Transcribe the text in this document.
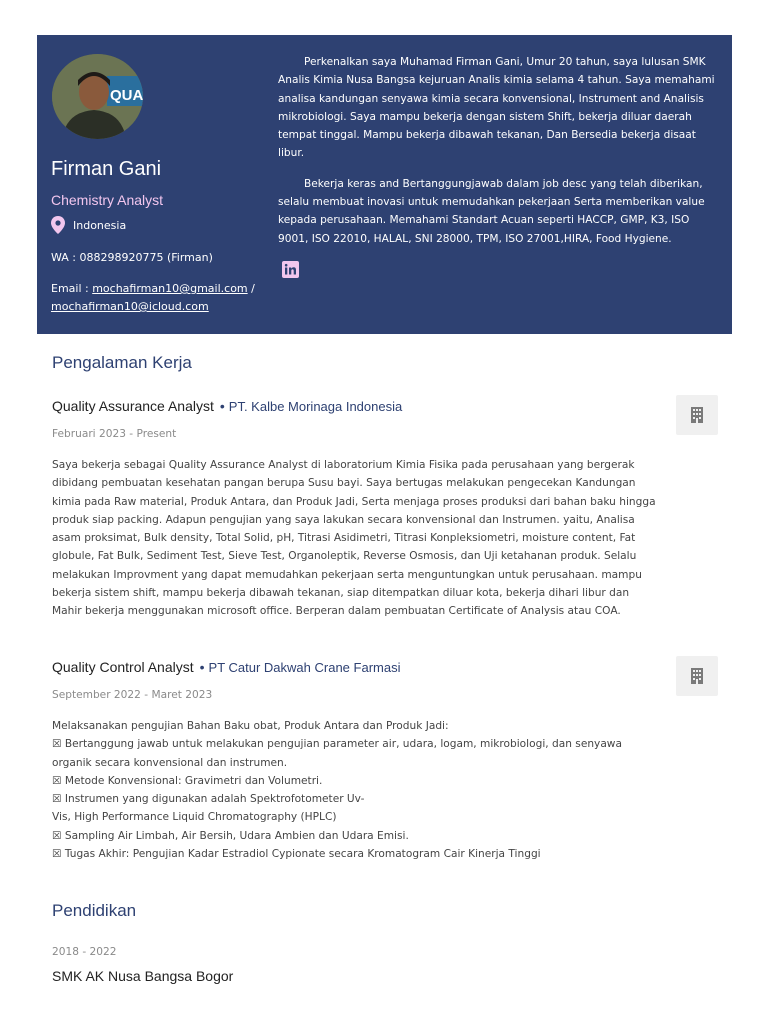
QUA
Firman Gani
Chemistry Analyst
Indonesia
WA : 088298920775 (Firman)
Email : mochafirman10@gmail.com /
mochafirman10@icloud.com

Perkenalkan saya Muhamad Firman Gani, Umur 20 tahun, saya lulusan SMK Analis Kimia Nusa Bangsa kejuruan Analis kimia selama 4 tahun. Saya memahami analisa kandungan senyawa kimia secara konvensional, Instrument and Analisis mikrobiologi. Saya mampu bekerja dengan sistem Shift, bekerja diluar daerah tempat tinggal. Mampu bekerja dibawah tekanan, Dan Bersedia bekerja disaat libur.

Bekerja keras and Bertanggungjawab dalam job desc yang telah diberikan, selalu membuat inovasi untuk memudahkan pekerjaan Serta memberikan value kepada perusahaan. Memahami Standart Acuan seperti HACCP, GMP, K3, ISO 9001, ISO 22010, HALAL, SNI 28000, TPM, ISO 27001,HIRA, Food Hygiene.

Pengalaman Kerja
Quality Assurance Analyst • PT. Kalbe Morinaga Indonesia
Februari 2023 - Present
Saya bekerja sebagai Quality Assurance Analyst di laboratorium Kimia Fisika pada perusahaan yang bergerak dibidang pembuatan kesehatan pangan berupa Susu bayi. Saya bertugas melakukan pengecekan Kandungan kimia pada Raw material, Produk Antara, dan Produk Jadi, Serta menjaga proses produksi dari bahan baku hingga produk siap packing. Adapun pengujian yang saya lakukan secara konvensional dan Instrumen. yaitu, Analisa asam proksimat, Bulk density, Total Solid, pH, Titrasi Asidimetri, Titrasi Konpleksiometri, moisture content, Fat globule, Fat Bulk, Sediment Test, Sieve Test, Organoleptik, Reverse Osmosis, dan Uji ketahanan produk. Selalu melakukan Improvment yang dapat memudahkan pekerjaan serta menguntungkan untuk perusahaan. mampu bekerja sistem shift, mampu bekerja dibawah tekanan, siap ditempatkan diluar kota, bekerja dihari libur dan Mahir bekerja menggunakan microsoft office. Berperan dalam pembuatan Certificate of Analysis atau COA.
Quality Control Analyst • PT Catur Dakwah Crane Farmasi
September 2022 - Maret 2023
Melaksanakan pengujian Bahan Baku obat, Produk Antara dan Produk Jadi:
☒ Bertanggung jawab untuk melakukan pengujian parameter air, udara, logam, mikrobiologi, dan senyawa organik secara konvensional dan instrumen.
☒ Metode Konvensional: Gravimetri dan Volumetri.
☒ Instrumen yang digunakan adalah Spektrofotometer Uv-
Vis, High Performance Liquid Chromatography (HPLC)
☒ Sampling Air Limbah, Air Bersih, Udara Ambien dan Udara Emisi.
☒ Tugas Akhir: Pengujian Kadar Estradiol Cypionate secara Kromatogram Cair Kinerja Tinggi
Pendidikan
2018 - 2022
SMK AK Nusa Bangsa Bogor
